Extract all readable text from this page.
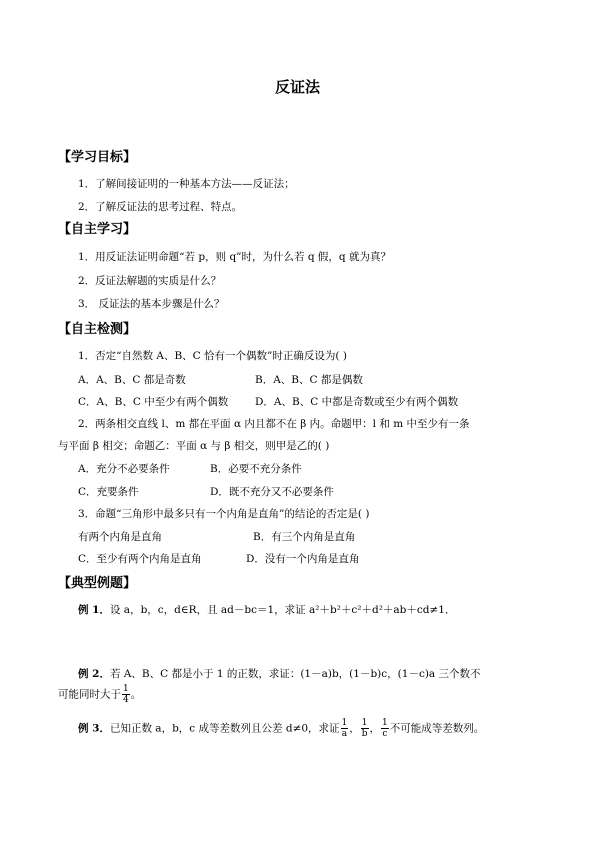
反证法
【学习目标】
1．了解间接证明的一种基本方法——反证法；
2．了解反证法的思考过程、特点。
【自主学习】
1．用反证法证明命题“若 p，则 q”时，为什么若 q 假，q 就为真？
2．反证法解题的实质是什么？
3． 反证法的基本步骤是什么？
【自主检测】
1．否定“自然数 A、B、C 恰有一个偶数”时正确反设为( )
A．A、B、C 都是奇数	B．A、B、C 都是偶数
C．A、B、C 中至少有两个偶数	D．A、B、C 中都是奇数或至少有两个偶数
2．两条相交直线 l、m 都在平面 α 内且都不在 β 内。命题甲：l 和 m 中至少有一条
与平面 β 相交；命题乙：平面 α 与 β 相交，则甲是乙的( )
A．充分不必要条件	B．必要不充分条件
C．充要条件	D．既不充分又不必要条件
3．命题“三角形中最多只有一个内角是直角”的结论的否定是( )
有两个内角是直角	B．有三个内角是直角
C．至少有两个内角是直角	D．没有一个内角是直角
【典型例题】
例 1．设 a，b，c，d∈R，且 ad－bc＝1，求证 a²＋b²＋c²＋d²＋ab＋cd≠1．
例 2．若 A、B、C 都是小于 1 的正数，求证：(1－a)b，(1－b)c，(1－c)a 三个数不
可能同时大于 $\frac{1}{4}$ 。
例 3．已知正数 a，b，c 成等差数列且公差 d≠0，求证 $\frac{1}{a}$ ， $\frac{1}{b}$ ， $\frac{1}{c}$ 不可能成等差数列。
